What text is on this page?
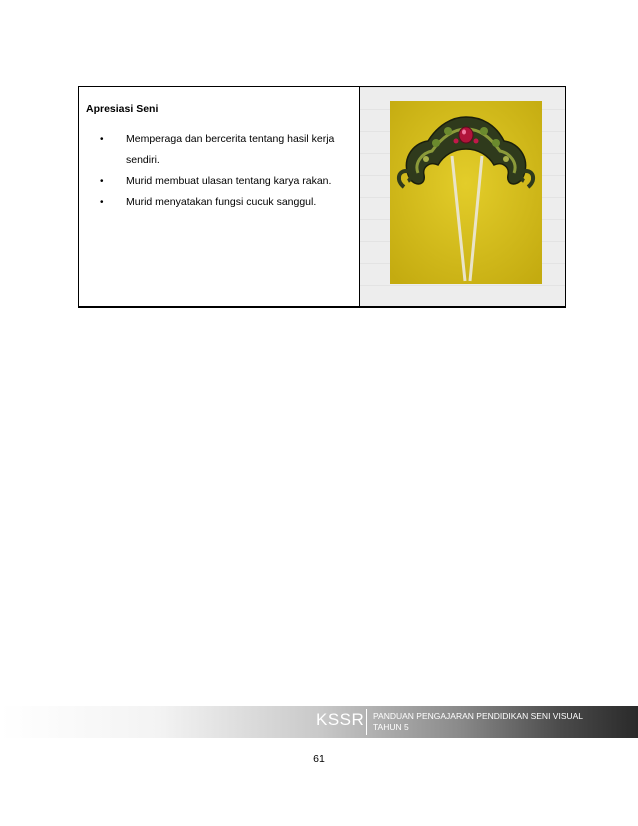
Apresiasi Seni
•	Memperaga dan bercerita tentang hasil kerja sendiri.
•	Murid membuat ulasan tentang karya rakan.
•	Murid menyatakan fungsi cucuk sanggul.
KSSR PANDUAN PENGAJARAN PENDIDIKAN SENI VISUAL
TAHUN 5
61
